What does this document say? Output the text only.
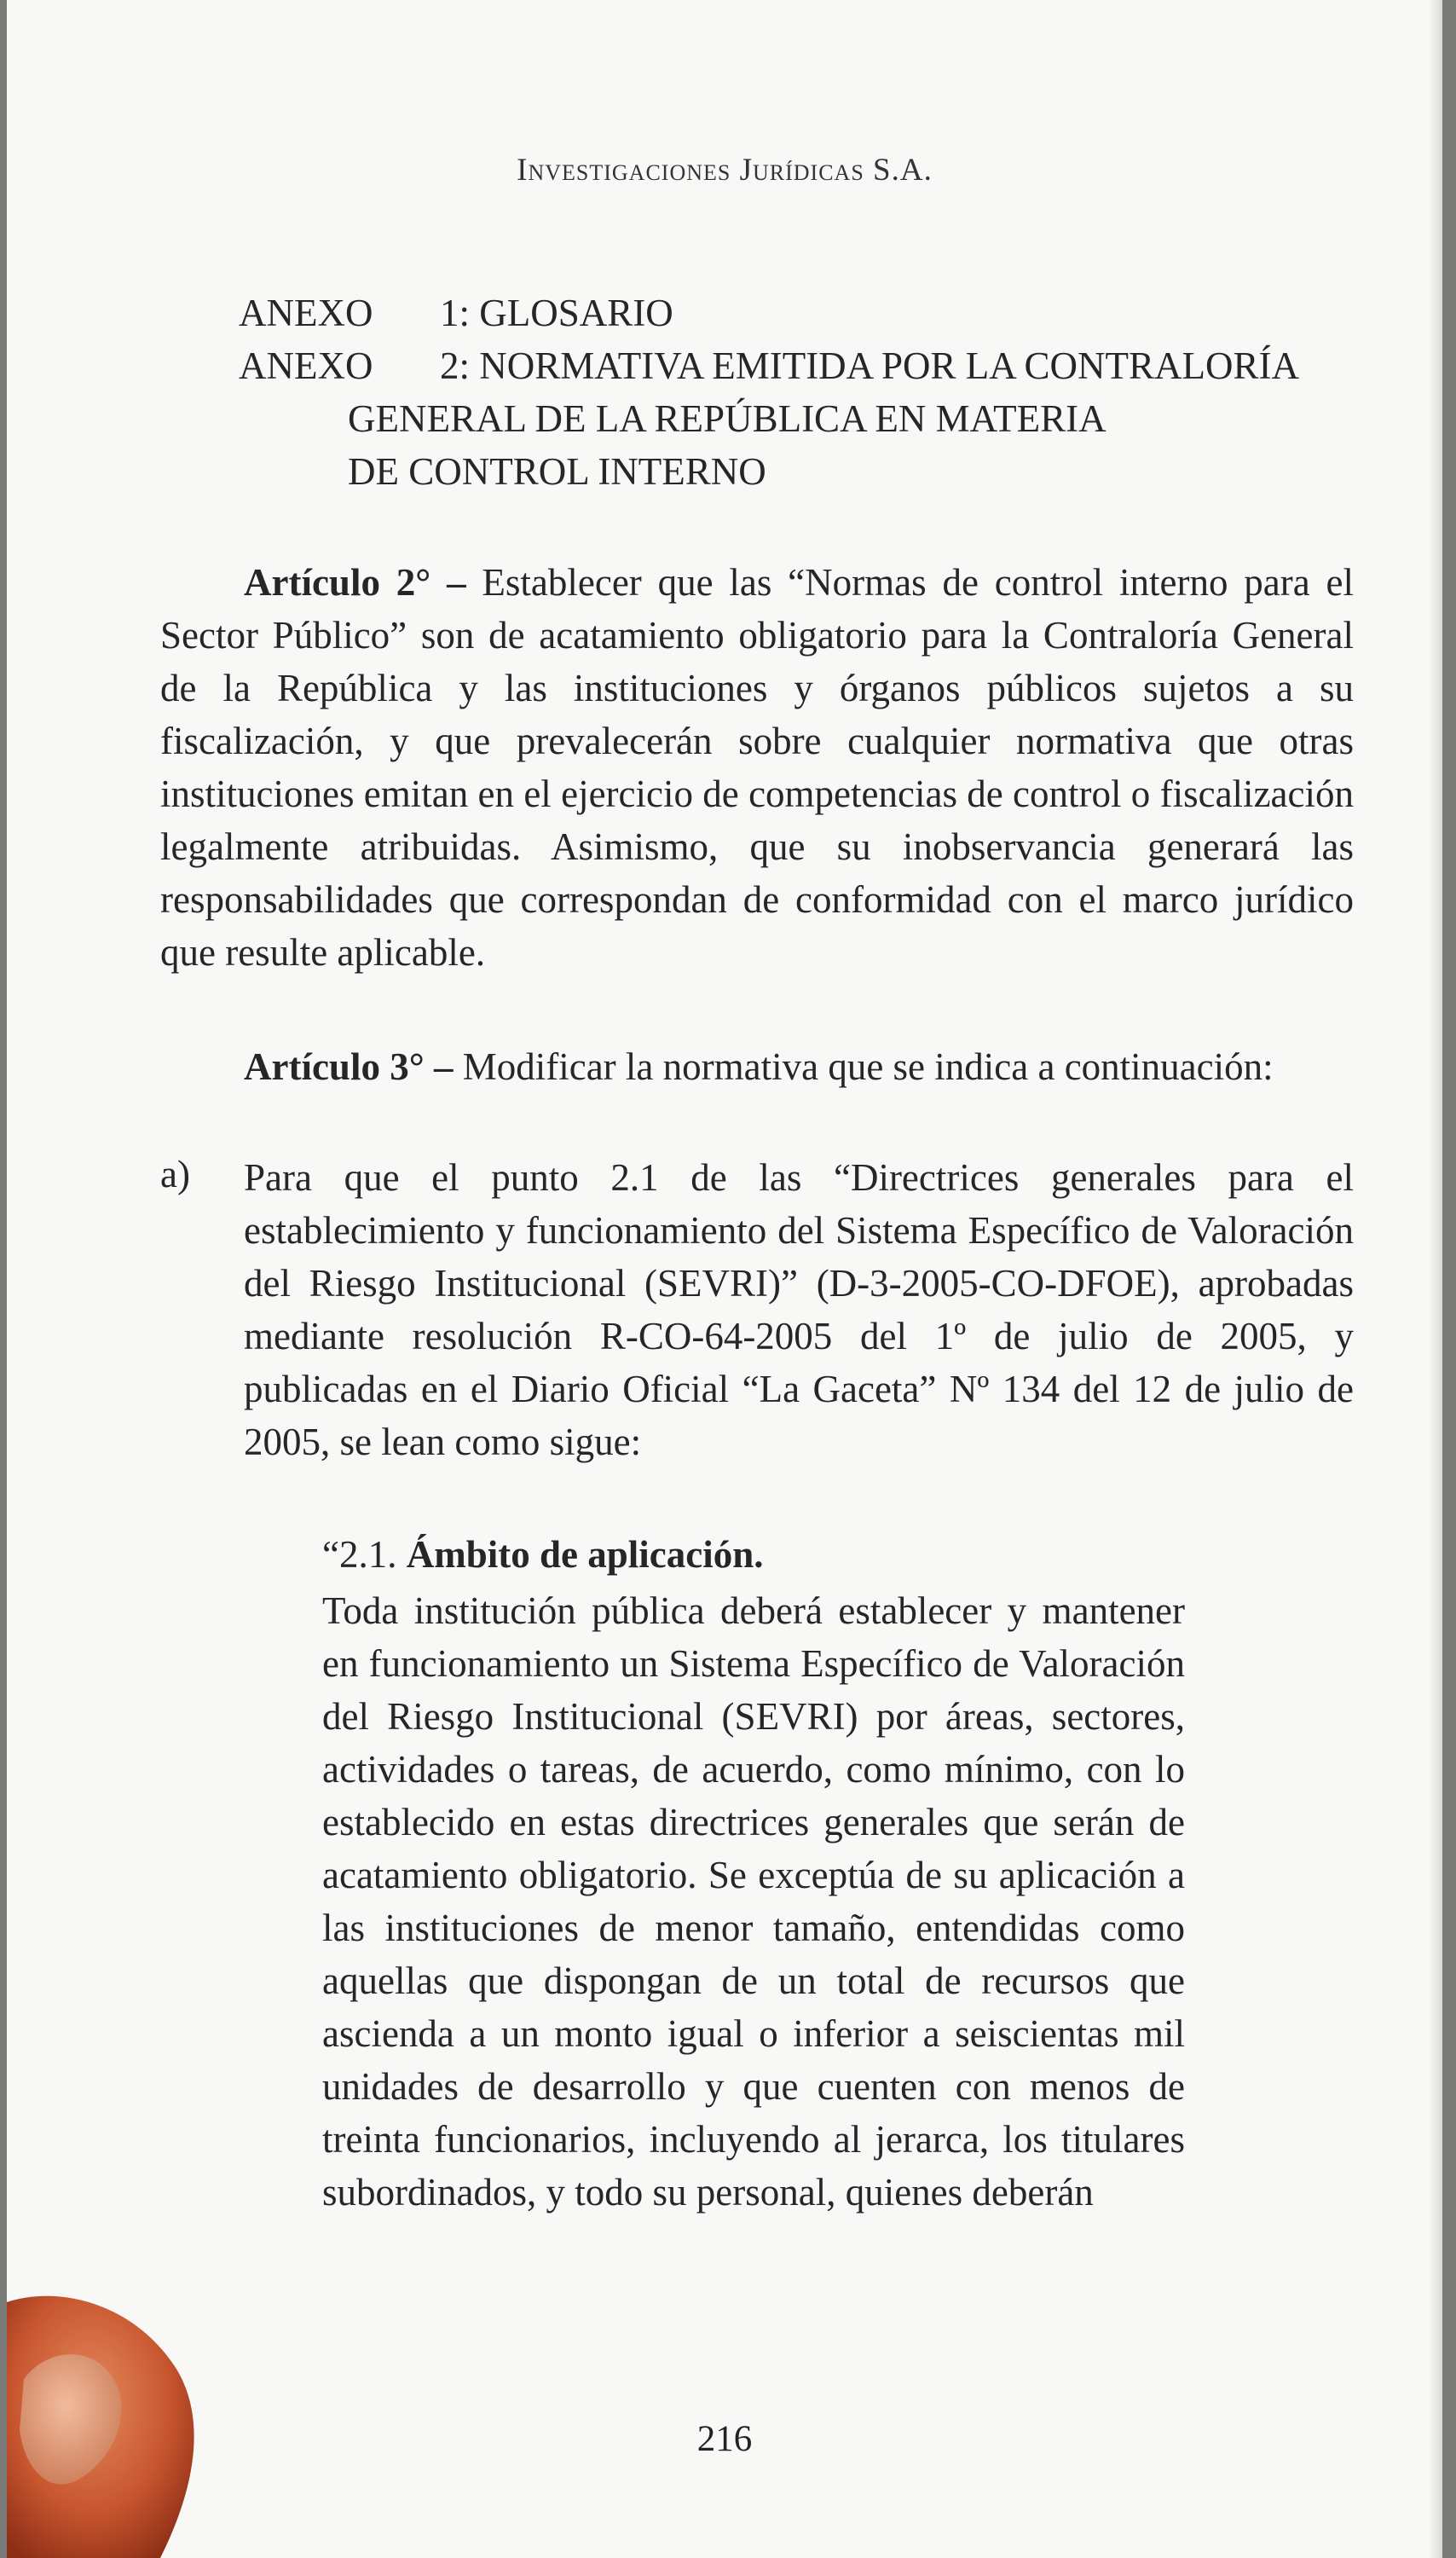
Investigaciones Jurídicas S.A.
ANEXO 1: GLOSARIO
ANEXO 2: NORMATIVA EMITIDA POR LA CONTRALORÍA
GENERAL DE LA REPÚBLICA EN MATERIA
DE CONTROL INTERNO
Artículo 2° – Establecer que las “Normas de control interno para el Sector Público” son de acatamiento obligatorio para la Contraloría General de la República y las instituciones y órganos públicos sujetos a su fiscalización, y que prevalecerán sobre cualquier normativa que otras instituciones emitan en el ejercicio de competencias de control o fiscalización legalmente atribuidas. Asimismo, que su inobservancia generará las responsabilidades que correspondan de conformidad con el marco jurídico que resulte aplicable.
Artículo 3° – Modificar la normativa que se indica a continuación:
a) Para que el punto 2.1 de las “Directrices generales para el establecimiento y funcionamiento del Sistema Específico de Valoración del Riesgo Institucional (SEVRI)” (D-3-2005-CO-DFOE), aprobadas mediante resolución R-CO-64-2005 del 1º de julio de 2005, y publicadas en el Diario Oficial “La Gaceta” Nº 134 del 12 de julio de 2005, se lean como sigue:
“2.1. Ámbito de aplicación.
Toda institución pública deberá establecer y mantener en funcionamiento un Sistema Específico de Valoración del Riesgo Institucional (SEVRI) por áreas, sectores, actividades o tareas, de acuerdo, como mínimo, con lo establecido en estas directrices generales que serán de acatamiento obligatorio. Se exceptúa de su aplicación a las instituciones de menor tamaño, entendidas como aquellas que dispongan de un total de recursos que ascienda a un monto igual o inferior a seiscientas mil unidades de desarrollo y que cuenten con menos de treinta funcionarios, incluyendo al jerarca, los titulares subordinados, y todo su personal, quienes deberán
216
